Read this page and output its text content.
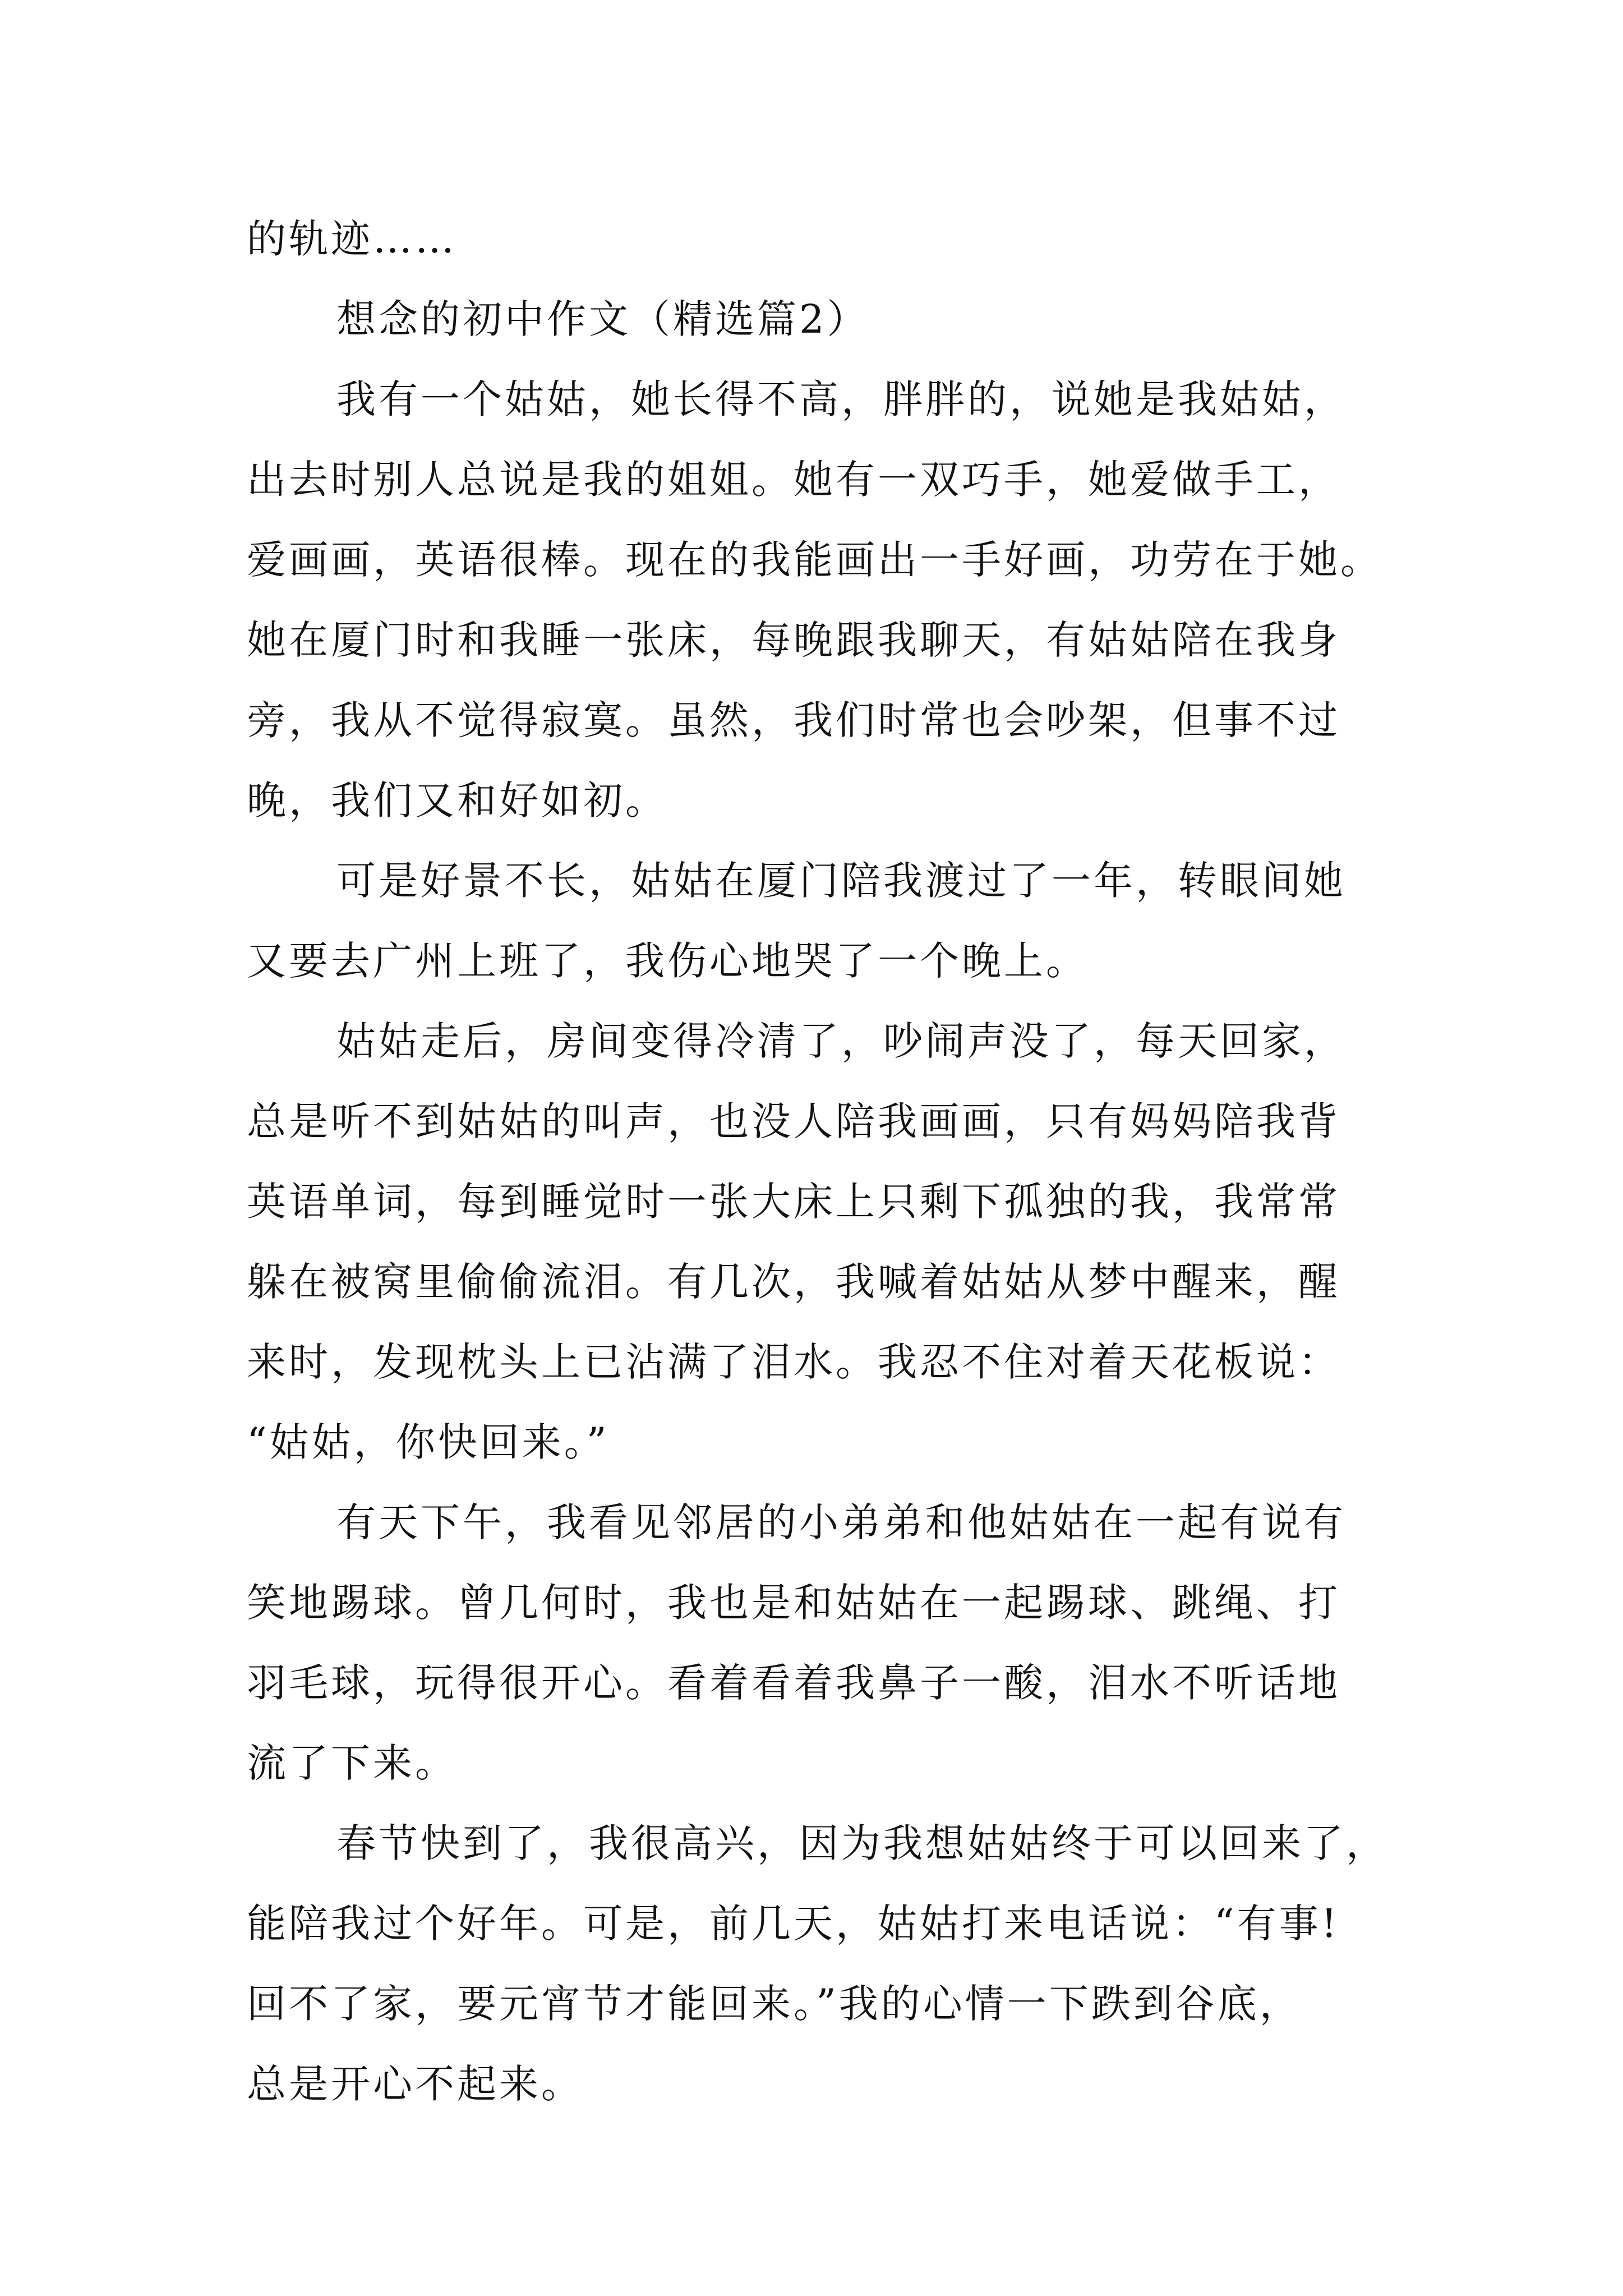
的轨迹……
想念的初中作文（精选篇2）
我有一个姑姑，她长得不高，胖胖的，说她是我姑姑，
出去时别人总说是我的姐姐。她有一双巧手，她爱做手工，
爱画画，英语很棒。现在的我能画出一手好画，功劳在于她。
她在厦门时和我睡一张床，每晚跟我聊天，有姑姑陪在我身
旁，我从不觉得寂寞。虽然，我们时常也会吵架，但事不过
晚，我们又和好如初。
可是好景不长，姑姑在厦门陪我渡过了一年，转眼间她
又要去广州上班了，我伤心地哭了一个晚上。
姑姑走后，房间变得冷清了，吵闹声没了，每天回家，
总是听不到姑姑的叫声，也没人陪我画画，只有妈妈陪我背
英语单词，每到睡觉时一张大床上只剩下孤独的我，我常常
躲在被窝里偷偷流泪。有几次，我喊着姑姑从梦中醒来，醒
来时，发现枕头上已沾满了泪水。我忍不住对着天花板说：
“姑姑，你快回来。”
有天下午，我看见邻居的小弟弟和他姑姑在一起有说有
笑地踢球。曾几何时，我也是和姑姑在一起踢球、跳绳、打
羽毛球，玩得很开心。看着看着我鼻子一酸，泪水不听话地
流了下来。
春节快到了，我很高兴，因为我想姑姑终于可以回来了，
能陪我过个好年。可是，前几天，姑姑打来电话说：“有事!
回不了家，要元宵节才能回来。”我的心情一下跌到谷底，
总是开心不起来。
